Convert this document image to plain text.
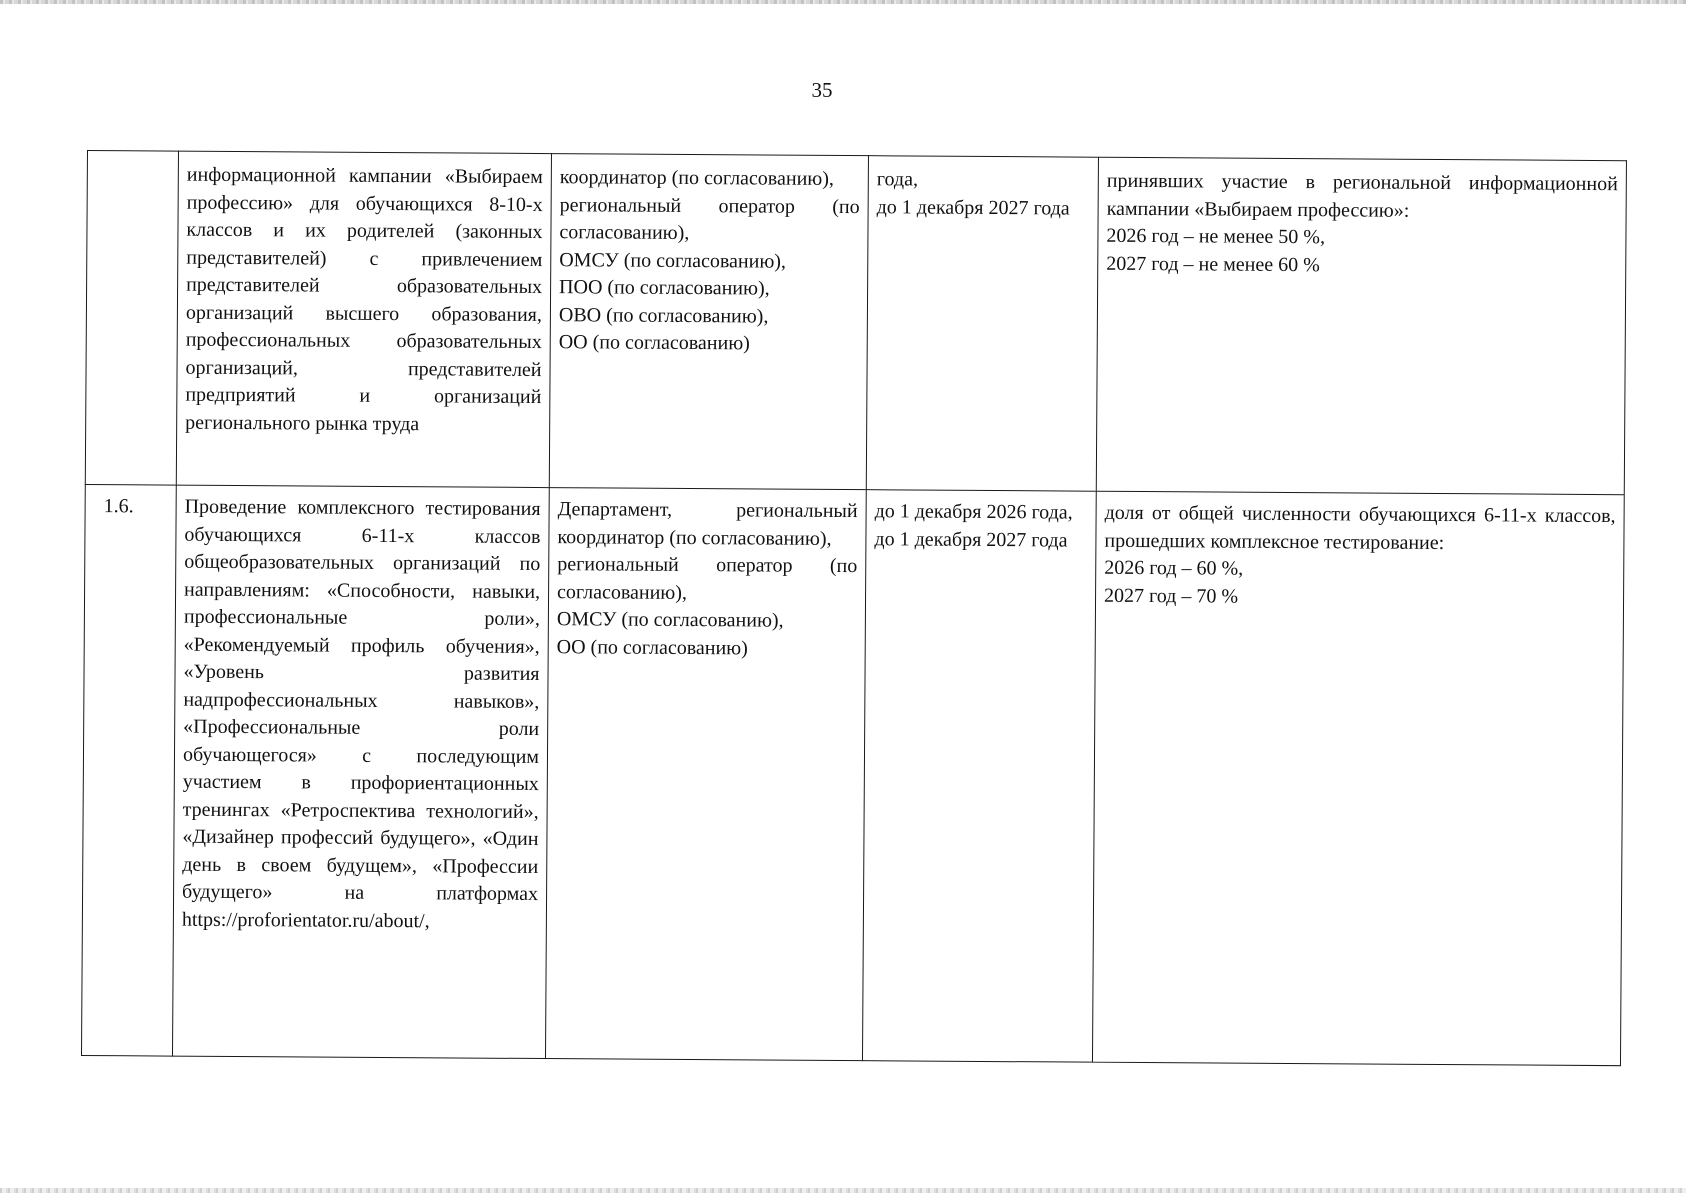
35

информационной кампании «Выбираем профессию» для обучающихся 8-10-х классов и их родителей (законных представителей) с привлечением представителей образовательных организаций высшего образования, профессиональных образовательных организаций, представителей предприятий и организаций регионального рынка труда

координатор (по согласованию),

региональный оператор (по согласованию),

ОМСУ (по согласованию),

ПОО (по согласованию),

ОВО (по согласованию),

ОО (по согласованию)

года,

до 1 декабря 2027 года

принявших участие в региональной информационной кампании «Выбираем профессию»:

2026 год – не менее 50 %,

2027 год – не менее 60 %

1.6.	Проведение комплексного тестирования обучающихся 6-11-х классов общеобразовательных организаций по направлениям: «Способности, навыки, профессиональные роли», «Рекомендуемый профиль обучения», «Уровень развития надпрофессиональных навыков», «Профессиональные роли обучающегося» с последующим участием в профориентационных тренингах «Ретроспектива технологий», «Дизайнер профессий будущего», «Один день в своем будущем», «Профессии будущего» на платформах https://proforientator.ru/about/,

Департамент, региональный координатор (по согласованию),

региональный оператор (по согласованию),

ОМСУ (по согласованию),

ОО (по согласованию)

до 1 декабря 2026 года,

до 1 декабря 2027 года

доля от общей численности обучающихся 6-11-х классов, прошедших комплексное тестирование:

2026 год – 60 %,

2027 год – 70 %
